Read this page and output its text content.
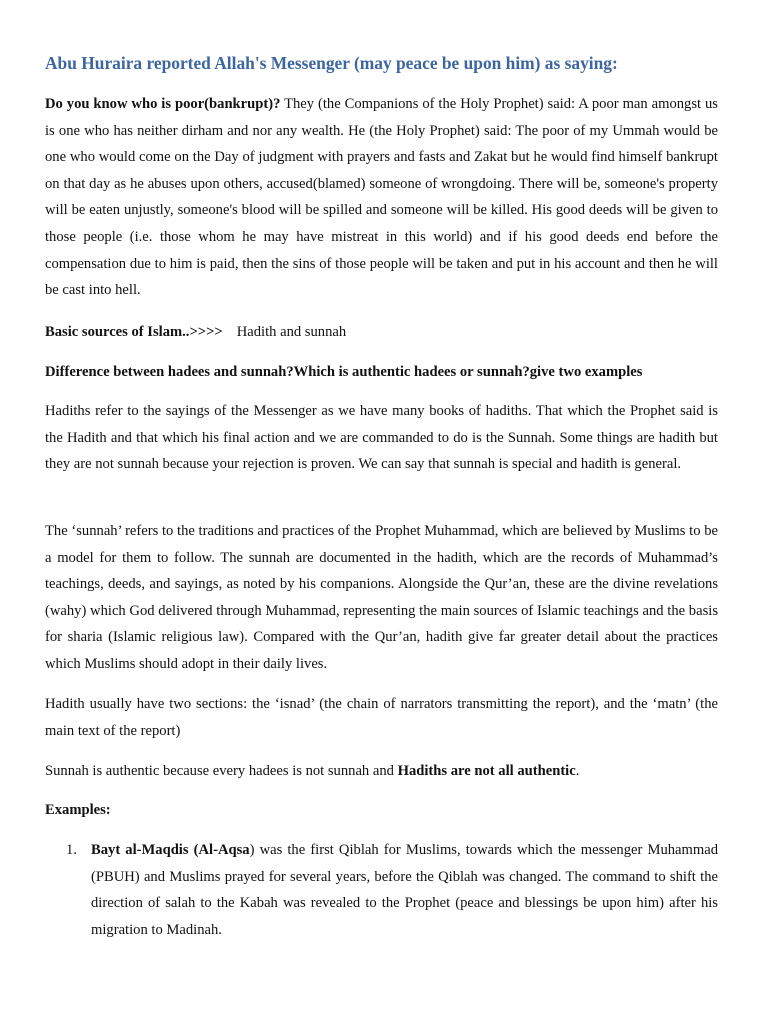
Abu Huraira reported Allah's Messenger (may peace be upon him) as saying:

Do you know who is poor(bankrupt)? They (the Companions of the Holy Prophet) said: A poor man amongst us is one who has neither dirham and nor any wealth. He (the Holy Prophet) said: The poor of my Ummah would be one who would come on the Day of judgment with prayers and fasts and Zakat but he would find himself bankrupt on that day as he abuses upon others, accused(blamed) someone of wrongdoing. There will be, someone's property will be eaten unjustly, someone's blood will be spilled and someone will be killed. His good deeds will be given to those people (i.e. those whom he may have mistreat in this world) and if his good deeds end before the compensation due to him is paid, then the sins of those people will be taken and put in his account and then he will be cast into hell.

Basic sources of Islam..>>>> Hadith and sunnah

Difference between hadees and sunnah?Which is authentic hadees or sunnah?give two examples

Hadiths refer to the sayings of the Messenger as we have many books of hadiths. That which the Prophet said is the Hadith and that which his final action and we are commanded to do is the Sunnah. Some things are hadith but they are not sunnah because your rejection is proven. We can say that sunnah is special and hadith is general.

The ‘sunnah’ refers to the traditions and practices of the Prophet Muhammad, which are believed by Muslims to be a model for them to follow. The sunnah are documented in the hadith, which are the records of Muhammad’s teachings, deeds, and sayings, as noted by his companions. Alongside the Qur’an, these are the divine revelations (wahy) which God delivered through Muhammad, representing the main sources of Islamic teachings and the basis for sharia (Islamic religious law). Compared with the Qur’an, hadith give far greater detail about the practices which Muslims should adopt in their daily lives.

Hadith usually have two sections: the ‘isnad’ (the chain of narrators transmitting the report), and the ‘matn’ (the main text of the report)

Sunnah is authentic because every hadees is not sunnah and Hadiths are not all authentic.

Examples:

1. Bayt al-Maqdis (Al-Aqsa) was the first Qiblah for Muslims, towards which the messenger Muhammad (PBUH) and Muslims prayed for several years, before the Qiblah was changed. The command to shift the direction of salah to the Kabah was revealed to the Prophet (peace and blessings be upon him) after his migration to Madinah.
